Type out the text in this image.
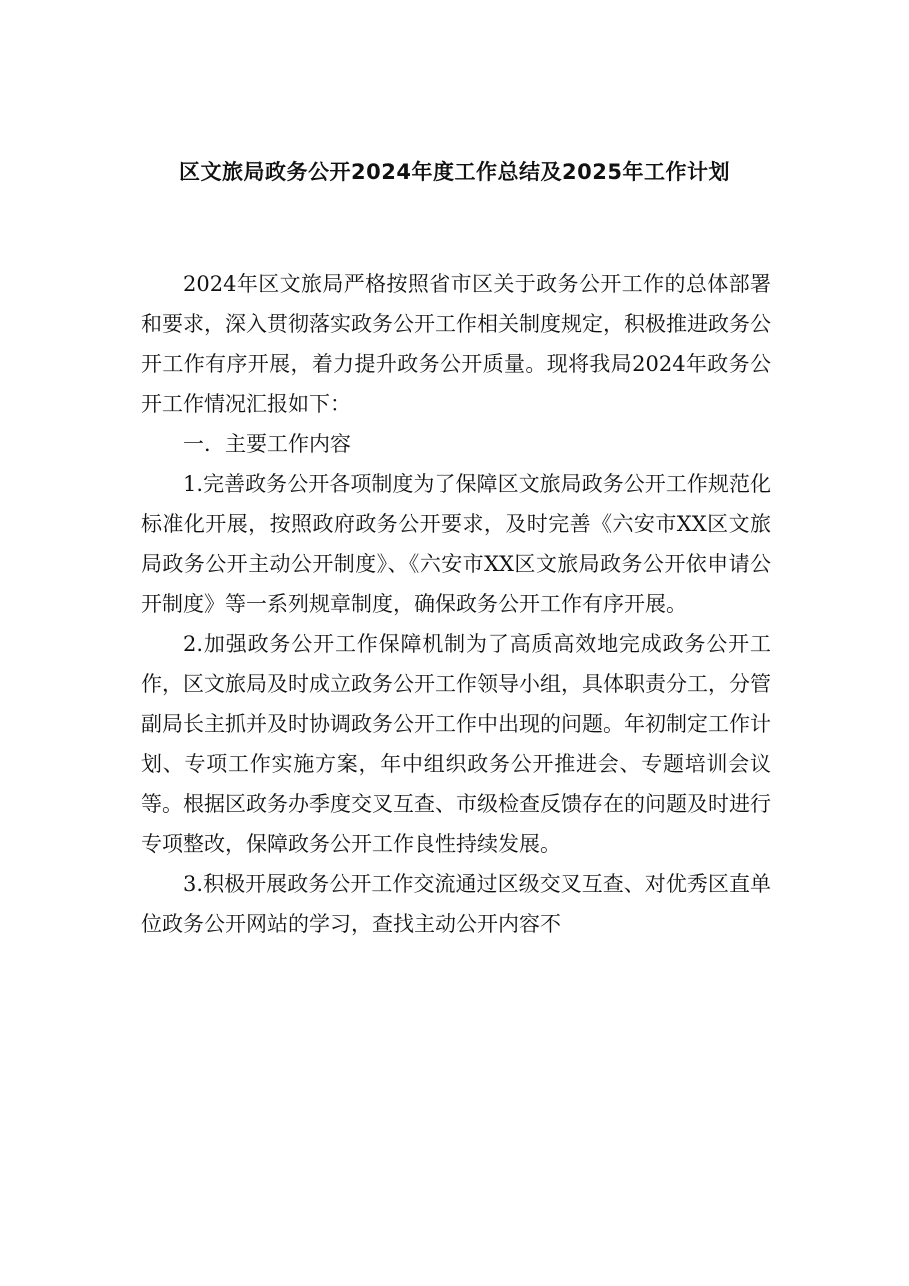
区文旅局政务公开2024年度工作总结及2025年工作计划

2024年区文旅局严格按照省市区关于政务公开工作的总体部署和要求，深入贯彻落实政务公开工作相关制度规定，积极推进政务公开工作有序开展，着力提升政务公开质量。现将我局2024年政务公开工作情况汇报如下：

一．主要工作内容

1.完善政务公开各项制度为了保障区文旅局政务公开工作规范化标准化开展，按照政府政务公开要求，及时完善《六安市XX区文旅局政务公开主动公开制度》、《六安市XX区文旅局政务公开依申请公开制度》等一系列规章制度，确保政务公开工作有序开展。

2.加强政务公开工作保障机制为了高质高效地完成政务公开工作，区文旅局及时成立政务公开工作领导小组，具体职责分工，分管副局长主抓并及时协调政务公开工作中出现的问题。年初制定工作计划、专项工作实施方案，年中组织政务公开推进会、专题培训会议等。根据区政务办季度交叉互查、市级检查反馈存在的问题及时进行专项整改，保障政务公开工作良性持续发展。

3.积极开展政务公开工作交流通过区级交叉互查、对优秀区直单位政务公开网站的学习，查找主动公开内容不
